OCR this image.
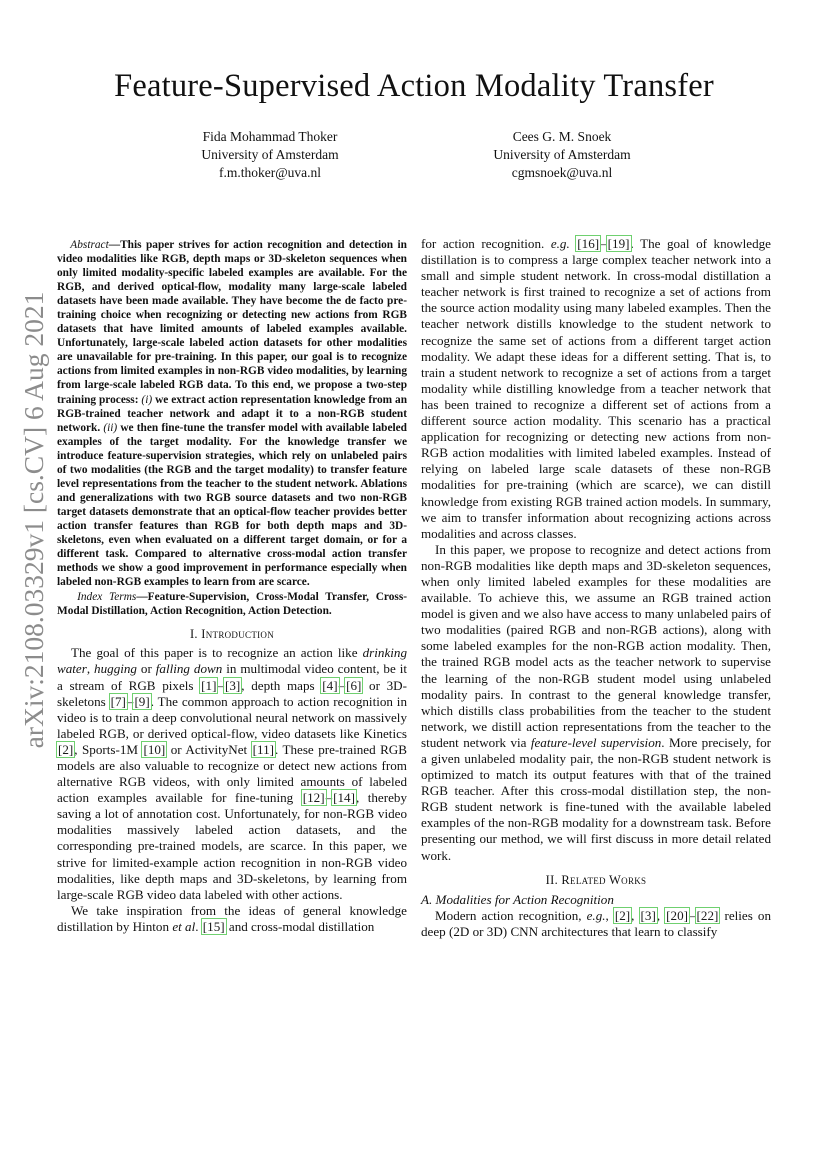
arXiv:2108.03329v1 [cs.CV] 6 Aug 2021
Feature-Supervised Action Modality Transfer
Fida Mohammad Thoker
University of Amsterdam
f.m.thoker@uva.nl
Cees G. M. Snoek
University of Amsterdam
cgmsnoek@uva.nl
Abstract—This paper strives for action recognition and detection in video modalities like RGB, depth maps or 3D-skeleton sequences when only limited modality-specific labeled examples are available. For the RGB, and derived optical-flow, modality many large-scale labeled datasets have been made available. They have become the de facto pre-training choice when recognizing or detecting new actions from RGB datasets that have limited amounts of labeled examples available. Unfortunately, large-scale labeled action datasets for other modalities are unavailable for pre-training. In this paper, our goal is to recognize actions from limited examples in non-RGB video modalities, by learning from large-scale labeled RGB data. To this end, we propose a two-step training process: (i) we extract action representation knowledge from an RGB-trained teacher network and adapt it to a non-RGB student network. (ii) we then fine-tune the transfer model with available labeled examples of the target modality. For the knowledge transfer we introduce feature-supervision strategies, which rely on unlabeled pairs of two modalities (the RGB and the target modality) to transfer feature level representations from the teacher to the student network. Ablations and generalizations with two RGB source datasets and two non-RGB target datasets demonstrate that an optical-flow teacher provides better action transfer features than RGB for both depth maps and 3D-skeletons, even when evaluated on a different target domain, or for a different task. Compared to alternative cross-modal action transfer methods we show a good improvement in performance especially when labeled non-RGB examples to learn from are scarce.
Index Terms—Feature-Supervision, Cross-Modal Transfer, Cross-Modal Distillation, Action Recognition, Action Detection.
I. Introduction

The goal of this paper is to recognize an action like drinking water, hugging or falling down in multimodal video content, be it a stream of RGB pixels [1]–[3], depth maps [4]–[6] or 3D-skeletons [7]–[9]. The common approach to action recognition in video is to train a deep convolutional neural network on massively labeled RGB, or derived optical-flow, video datasets like Kinetics [2], Sports-1M [10] or ActivityNet [11]. These pre-trained RGB models are also valuable to recognize or detect new actions from alternative RGB videos, with only limited amounts of labeled action examples available for fine-tuning [12]–[14], thereby saving a lot of annotation cost. Unfortunately, for non-RGB video modalities massively labeled action datasets, and the corresponding pre-trained models, are scarce. In this paper, we strive for limited-example action recognition in non-RGB video modalities, like depth maps and 3D-skeletons, by learning from large-scale RGB video data labeled with other actions.

We take inspiration from the ideas of general knowledge distillation by Hinton et al. [15] and cross-modal distillation

for action recognition. e.g. [16]–[19]. The goal of knowledge distillation is to compress a large complex teacher network into a small and simple student network. In cross-modal distillation a teacher network is first trained to recognize a set of actions from the source action modality using many labeled examples. Then the teacher network distills knowledge to the student network to recognize the same set of actions from a different target action modality. We adapt these ideas for a different setting. That is, to train a student network to recognize a set of actions from a target modality while distilling knowledge from a teacher network that has been trained to recognize a different set of actions from a different source action modality. This scenario has a practical application for recognizing or detecting new actions from non-RGB action modalities with limited labeled examples. Instead of relying on labeled large scale datasets of these non-RGB modalities for pre-training (which are scarce), we can distill knowledge from existing RGB trained action models. In summary, we aim to transfer information about recognizing actions across modalities and across classes.

In this paper, we propose to recognize and detect actions from non-RGB modalities like depth maps and 3D-skeleton sequences, when only limited labeled examples for these modalities are available. To achieve this, we assume an RGB trained action model is given and we also have access to many unlabeled pairs of two modalities (paired RGB and non-RGB actions), along with some labeled examples for the non-RGB action modality. Then, the trained RGB model acts as the teacher network to supervise the learning of the non-RGB student model using unlabeled modality pairs. In contrast to the general knowledge transfer, which distills class probabilities from the teacher to the student network, we distill action representations from the teacher to the student network via feature-level supervision. More precisely, for a given unlabeled modality pair, the non-RGB student network is optimized to match its output features with that of the trained RGB teacher. After this cross-modal distillation step, the non-RGB student network is fine-tuned with the available labeled examples of the non-RGB modality for a downstream task. Before presenting our method, we will first discuss in more detail related work.

II. Related Works

A. Modalities for Action Recognition

Modern action recognition, e.g., [2], [3], [20]–[22] relies on deep (2D or 3D) CNN architectures that learn to classify
